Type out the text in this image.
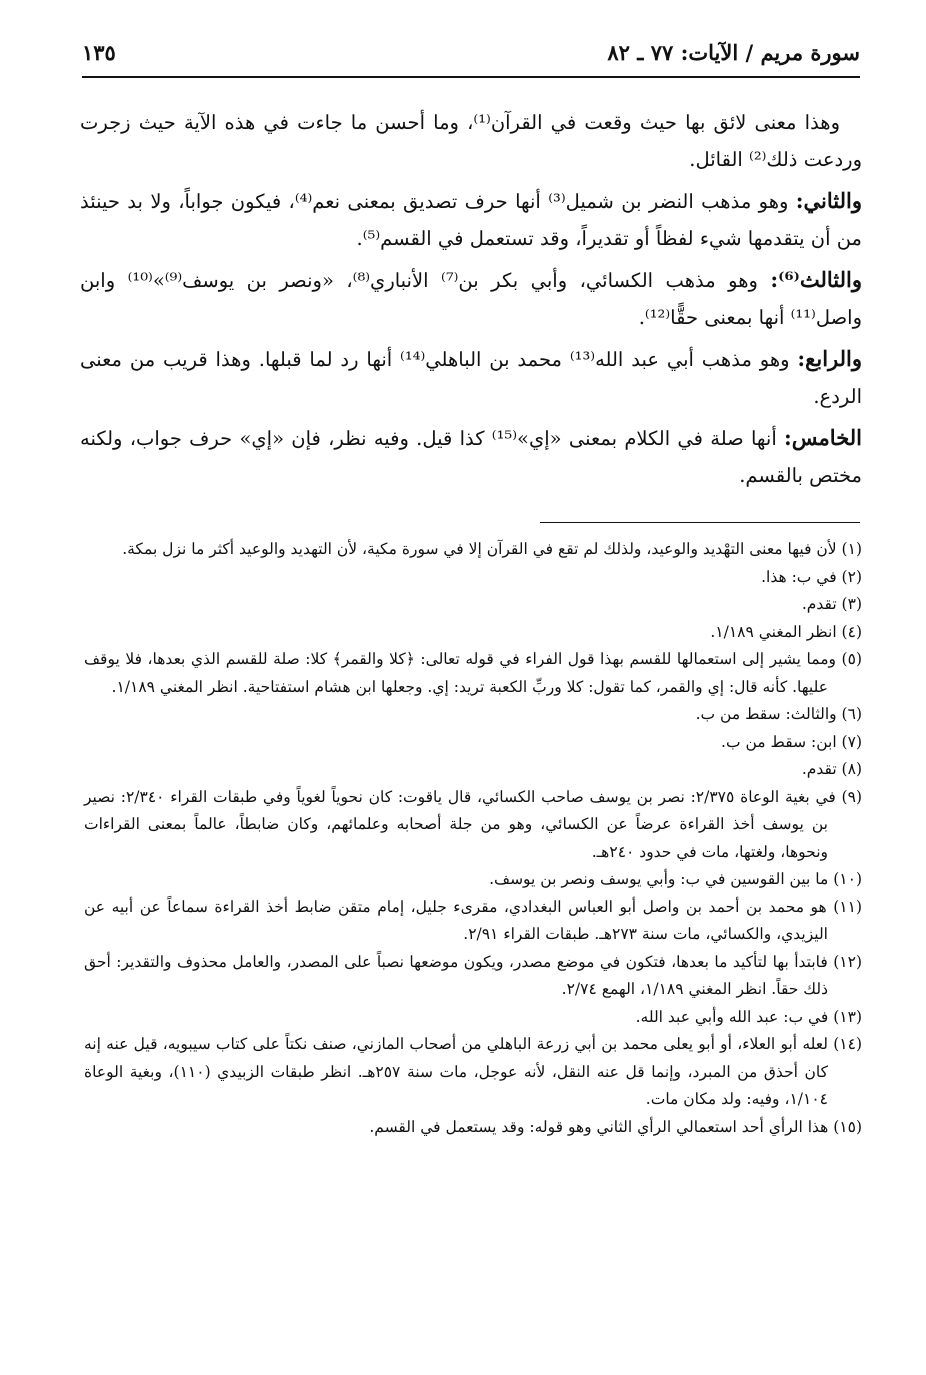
سورة مريم / الآيات: ٧٧ ـ ٨٢
١٣٥

وهذا معنى لائق بها حيث وقعت في القرآن⁽¹⁾، وما أحسن ما جاءت في هذه الآية حيث زجرت وردعت ذلك⁽²⁾ القائل.

والثاني: وهو مذهب النضر بن شميل⁽³⁾ أنها حرف تصديق بمعنى نعم⁽⁴⁾، فيكون جواباً، ولا بد حينئذ من أن يتقدمها شيء لفظاً أو تقديراً، وقد تستعمل في القسم⁽⁵⁾.

والثالث⁽⁶⁾: وهو مذهب الكسائي، وأبي بكر بن⁽⁷⁾ الأنباري⁽⁸⁾، «ونصر بن يوسف⁽⁹⁾»⁽¹⁰⁾ وابن واصل⁽¹¹⁾ أنها بمعنى حقًّا⁽¹²⁾.

والرابع: وهو مذهب أبي عبد الله⁽¹³⁾ محمد بن الباهلي⁽¹⁴⁾ أنها رد لما قبلها. وهذا قريب من معنى الردع.

الخامس: أنها صلة في الكلام بمعنى «إي»⁽¹⁵⁾ كذا قيل. وفيه نظر، فإن «إي» حرف جواب، ولكنه مختص بالقسم.

(١) لأن فيها معنى التهْديد والوعيد، ولذلك لم تقع في القرآن إلا في سورة مكية، لأن التهديد والوعيد أكثر ما نزل بمكة.

(٢) في ب: هذا.

(٣) تقدم.

(٤) انظر المغني ١/١٨٩.

(٥) ومما يشير إلى استعمالها للقسم بهذا قول الفراء في قوله تعالى: ﴿كلا والقمر﴾ كلا: صلة للقسم الذي بعدها، فلا يوقف عليها. كأنه قال: إي والقمر، كما تقول: كلا وربِّ الكعبة تريد: إي. وجعلها ابن هشام استفتاحية. انظر المغني ١/١٨٩.

(٦) والثالث: سقط من ب.

(٧) ابن: سقط من ب.

(٨) تقدم.

(٩) في بغية الوعاة ٢/٣٧٥: نصر بن يوسف صاحب الكسائي، قال ياقوت: كان نحوياً لغوياً وفي طبقات القراء ٢/٣٤٠: نصير بن يوسف أخذ القراءة عرضاً عن الكسائي، وهو من جلة أصحابه وعلمائهم، وكان ضابطاً، عالماً بمعنى القراءات ونحوها، ولغتها، مات في حدود ٢٤٠هـ.

(١٠) ما بين القوسين في ب: وأبي يوسف ونصر بن يوسف.

(١١) هو محمد بن أحمد بن واصل أبو العباس البغدادي، مقرىء جليل، إمام متقن ضابط أخذ القراءة سماعاً عن أبيه عن اليزيدي، والكسائي، مات سنة ٢٧٣هـ. طبقات القراء ٢/٩١.

(١٢) فابتدأ بها لتأكيد ما بعدها، فتكون في موضع مصدر، ويكون موضعها نصباً على المصدر، والعامل محذوف والتقدير: أحق ذلك حقاً. انظر المغني ١/١٨٩، الهمع ٢/٧٤.

(١٣) في ب: عبد الله وأبي عبد الله.

(١٤) لعله أبو العلاء، أو أبو يعلى محمد بن أبي زرعة الباهلي من أصحاب المازني، صنف نكتاً على كتاب سيبويه، قيل عنه إنه كان أحذق من المبرد، وإنما قل عنه النقل، لأنه عوجل، مات سنة ٢٥٧هـ. انظر طبقات الزبيدي (١١٠)، وبغية الوعاة ١/١٠٤، وفيه: ولد مكان مات.

(١٥) هذا الرأي أحد استعمالي الرأي الثاني وهو قوله: وقد يستعمل في القسم.
